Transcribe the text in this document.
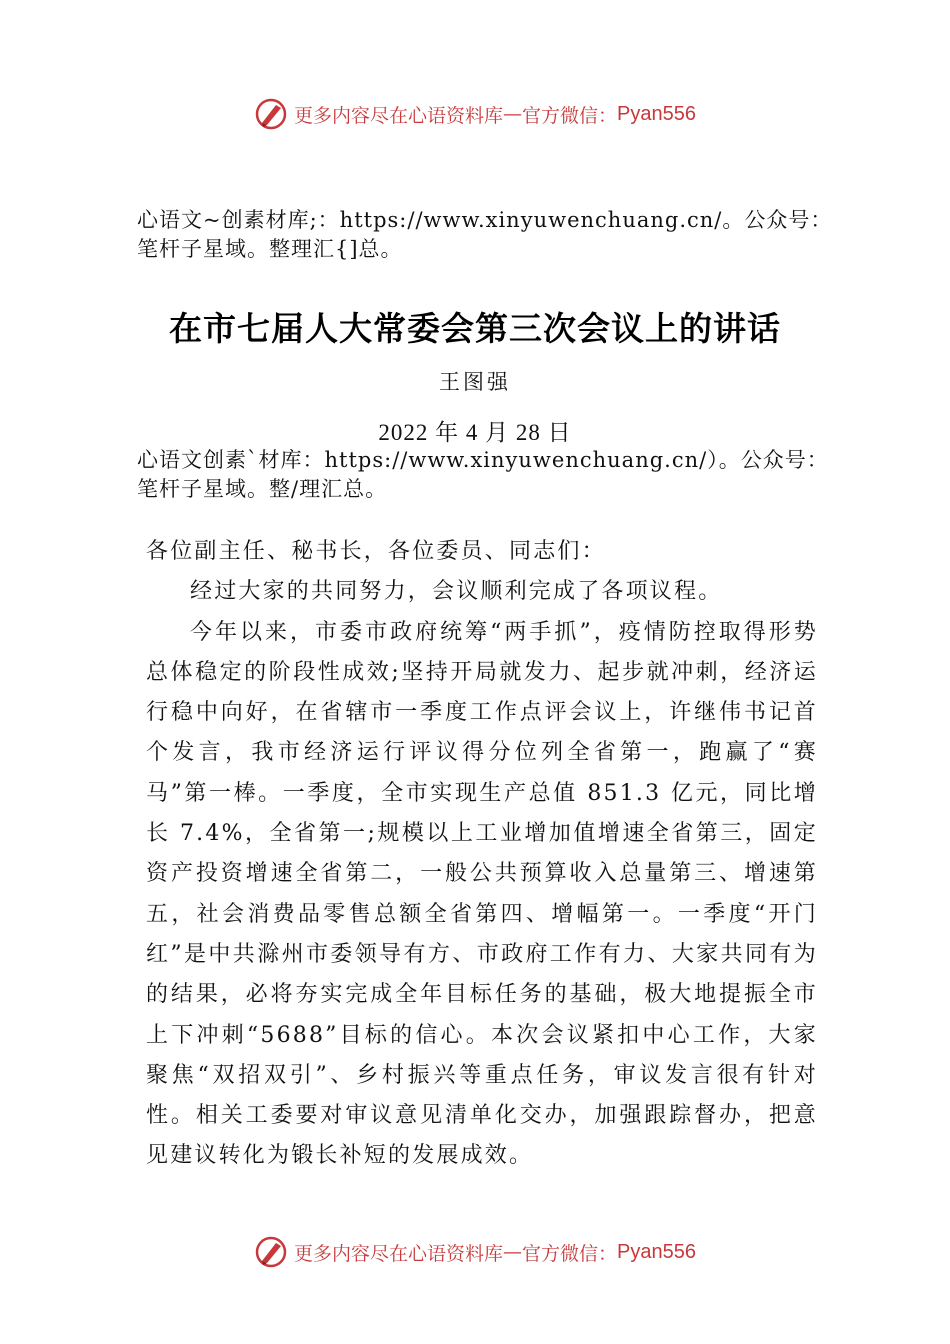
更多内容尽在心语资料库 — 官方微信： Pyan556
心语文~创素材库;：https://www.xinyuwenchuang.cn/。公众号：笔杆子星域。整理汇{]总。
在市七届人大常委会第三次会议上的讲话
王图强
2022 年 4 月 28 日
心语文创素`材库：https://www.xinyuwenchuang.cn/）。公众号：笔杆子星域。整/理汇总。

各位副主任、秘书长，各位委员、同志们：

经过大家的共同努力，会议顺利完成了各项议程。

今年以来，市委市政府统筹“两手抓”，疫情防控取得形势总体稳定的阶段性成效;坚持开局就发力、起步就冲刺，经济运行稳中向好，在省辖市一季度工作点评会议上，许继伟书记首个发言，我市经济运行评议得分位列全省第一，跑赢了“赛马”第一棒。一季度，全市实现生产总值 851.3 亿元，同比增长 7.4%，全省第一;规模以上工业增加值增速全省第三，固定资产投资增速全省第二，一般公共预算收入总量第三、增速第五，社会消费品零售总额全省第四、增幅第一。一季度“开门红”是中共滁州市委领导有方、市政府工作有力、大家共同有为的结果，必将夯实完成全年目标任务的基础，极大地提振全市上下冲刺“5688”目标的信心。本次会议紧扣中心工作，大家聚焦“双招双引”、乡村振兴等重点任务，审议发言很有针对性。相关工委要对审议意见清单化交办，加强跟踪督办，把意见建议转化为锻长补短的发展成效。

更多内容尽在心语资料库 — 官方微信： Pyan556
